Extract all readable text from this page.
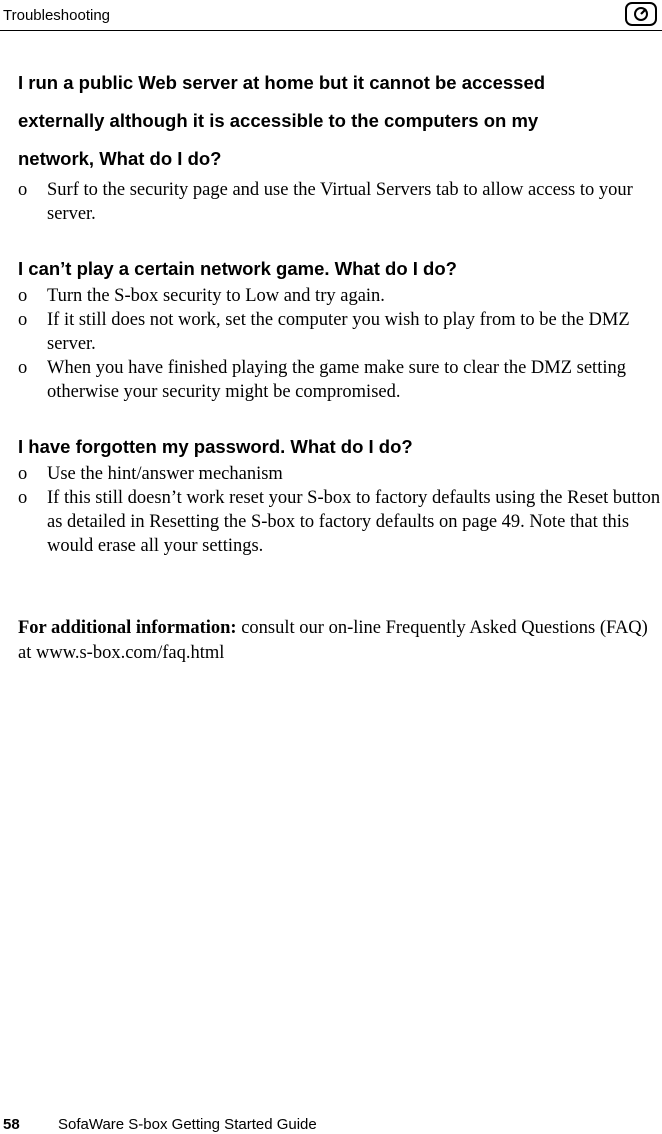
Troubleshooting

I run a public Web server at home but it cannot be accessed
externally although it is accessible to the computers on my
network, What do I do?

o Surf to the security page and use the Virtual Servers tab to allow access to your server.

I can’t play a certain network game. What do I do?

o Turn the S-box security to Low and try again.
o If it still does not work, set the computer you wish to play from to be the DMZ server.
o When you have finished playing the game make sure to clear the DMZ setting otherwise your security might be compromised.

I have forgotten my password. What do I do?

o Use the hint/answer mechanism
o If this still doesn’t work reset your S-box to factory defaults using the Reset button as detailed in Resetting the S-box to factory defaults on page 49. Note that this would erase all your settings.

For additional information: consult our on-line Frequently Asked Questions (FAQ) at www.s-box.com/faq.html

58	SofaWare S-box Getting Started Guide
